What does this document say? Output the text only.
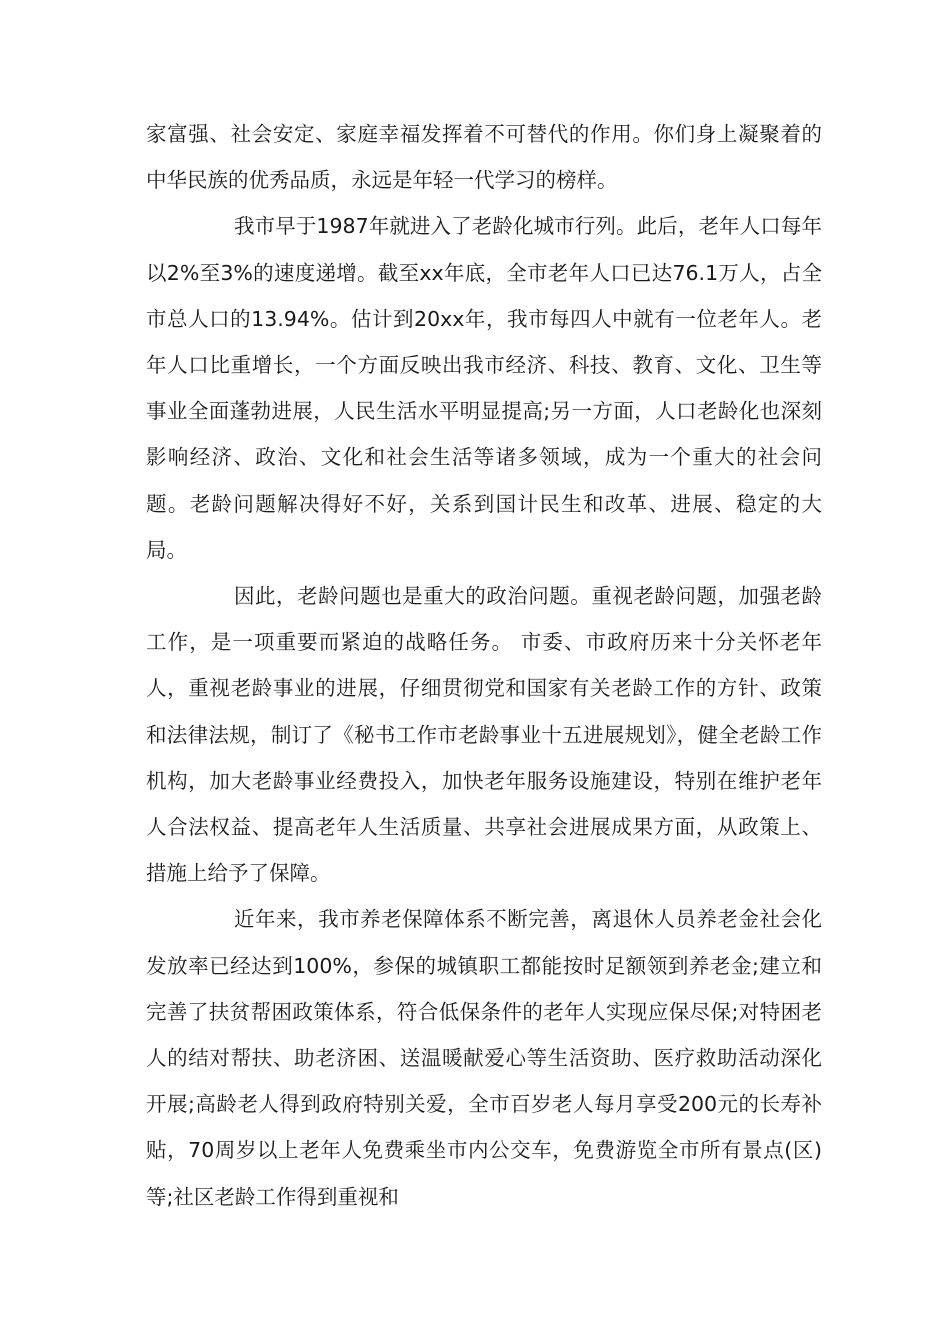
家富强、社会安定、家庭幸福发挥着不可替代的作用。你们身上凝聚着的中华民族的优秀品质，永远是年轻一代学习的榜样。

我市早于1987年就进入了老龄化城市行列。此后，老年人口每年以2%至3%的速度递增。截至xx年底，全市老年人口已达76.1万人，占全市总人口的13.94%。估计到20xx年，我市每四人中就有一位老年人。老年人口比重增长，一个方面反映出我市经济、科技、教育、文化、卫生等事业全面蓬勃进展，人民生活水平明显提高;另一方面，人口老龄化也深刻影响经济、政治、文化和社会生活等诸多领域，成为一个重大的社会问题。老龄问题解决得好不好，关系到国计民生和改革、进展、稳定的大局。

因此，老龄问题也是重大的政治问题。重视老龄问题，加强老龄工作，是一项重要而紧迫的战略任务。 市委、市政府历来十分关怀老年人，重视老龄事业的进展，仔细贯彻党和国家有关老龄工作的方针、政策和法律法规，制订了《秘书工作市老龄事业十五进展规划》，健全老龄工作机构，加大老龄事业经费投入，加快老年服务设施建设，特别在维护老年人合法权益、提高老年人生活质量、共享社会进展成果方面，从政策上、措施上给予了保障。

近年来，我市养老保障体系不断完善，离退休人员养老金社会化发放率已经达到100%，参保的城镇职工都能按时足额领到养老金;建立和完善了扶贫帮困政策体系，符合低保条件的老年人实现应保尽保;对特困老人的结对帮扶、助老济困、送温暖献爱心等生活资助、医疗救助活动深化开展;高龄老人得到政府特别关爱，全市百岁老人每月享受200元的长寿补贴，70周岁以上老年人免费乘坐市内公交车，免费游览全市所有景点(区)等;社区老龄工作得到重视和
